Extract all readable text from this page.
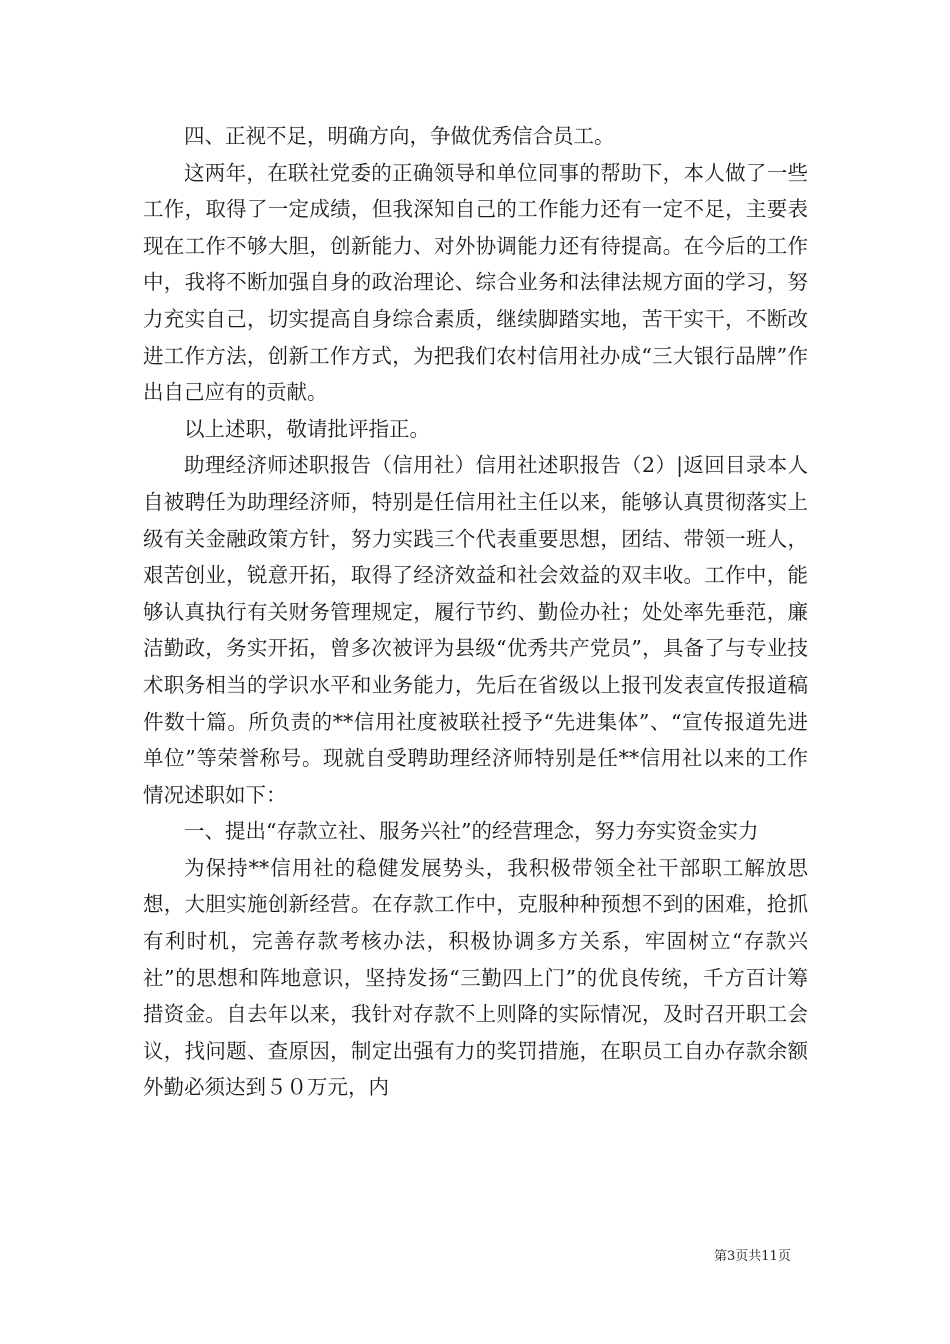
四、正视不足，明确方向，争做优秀信合员工。

这两年，在联社党委的正确领导和单位同事的帮助下，本人做了一些工作，取得了一定成绩，但我深知自己的工作能力还有一定不足，主要表现在工作不够大胆，创新能力、对外协调能力还有待提高。在今后的工作中，我将不断加强自身的政治理论、综合业务和法律法规方面的学习，努力充实自己，切实提高自身综合素质，继续脚踏实地，苦干实干，不断改进工作方法，创新工作方式，为把我们农村信用社办成“三大银行品牌”作出自己应有的贡献。

以上述职，敬请批评指正。

助理经济师述职报告（信用社）信用社述职报告（2）|返回目录本人自被聘任为助理经济师，特别是任信用社主任以来，能够认真贯彻落实上级有关金融政策方针，努力实践三个代表重要思想，团结、带领一班人，艰苦创业，锐意开拓，取得了经济效益和社会效益的双丰收。工作中，能够认真执行有关财务管理规定，履行节约、勤俭办社；处处率先垂范，廉洁勤政，务实开拓，曾多次被评为县级“优秀共产党员”，具备了与专业技术职务相当的学识水平和业务能力，先后在省级以上报刊发表宣传报道稿件数十篇。所负责的**信用社度被联社授予“先进集体”、“宣传报道先进单位”等荣誉称号。现就自受聘助理经济师特别是任**信用社以来的工作情况述职如下：

一、提出“存款立社、服务兴社”的经营理念，努力夯实资金实力

为保持**信用社的稳健发展势头，我积极带领全社干部职工解放思想，大胆实施创新经营。在存款工作中，克服种种预想不到的困难，抢抓有利时机，完善存款考核办法，积极协调多方关系，牢固树立“存款兴社”的思想和阵地意识，坚持发扬“三勤四上门”的优良传统，千方百计筹措资金。自去年以来，我针对存款不上则降的实际情况，及时召开职工会议，找问题、查原因，制定出强有力的奖罚措施，在职员工自办存款余额外勤必须达到５０万元，内

第3页共11页
